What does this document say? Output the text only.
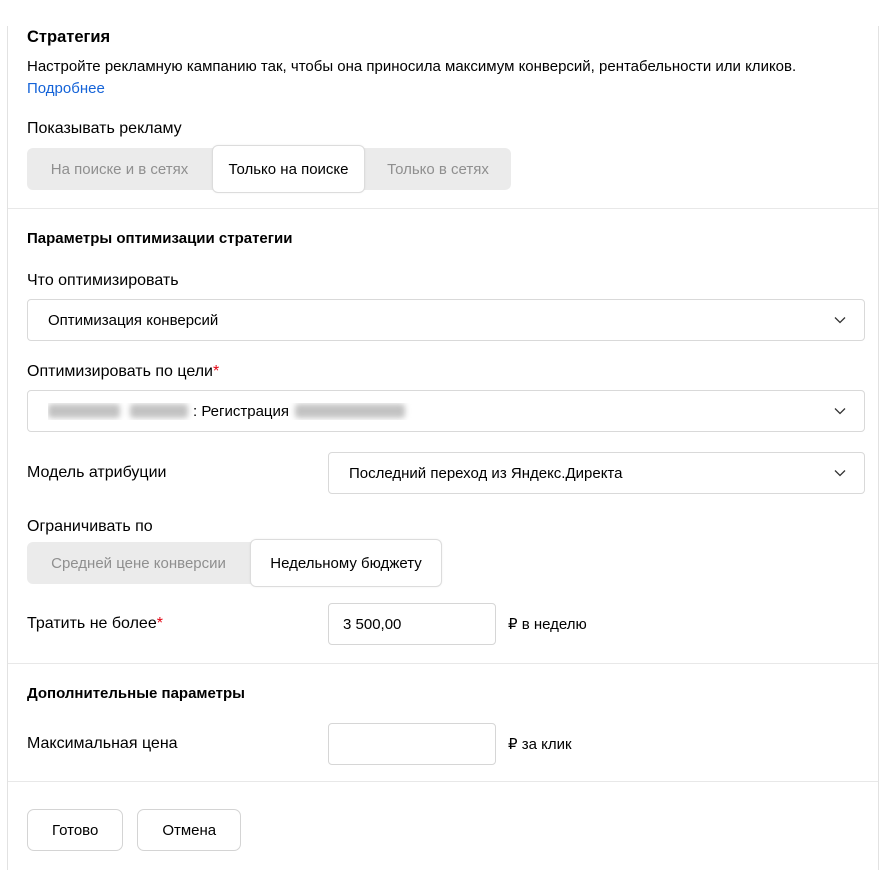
Стратегия

Настройте рекламную кампанию так, чтобы она приносила максимум конверсий, рентабельности или кликов.

Подробнее
Показывать рекламу
На поиске и в сетях	Только на поиске	Только в сетях
Параметры оптимизации стратегии
Что оптимизировать
Оптимизация конверсий
Оптимизировать по цели*
: Регистрация
Модель атрибуции	Последний переход из Яндекс.Директа
Ограничивать по
Средней цене конверсии	Недельному бюджету
Тратить не более*
3 500,00	₽ в неделю
Дополнительные параметры
Максимальная цена	₽ за клик
Готово	Отмена
